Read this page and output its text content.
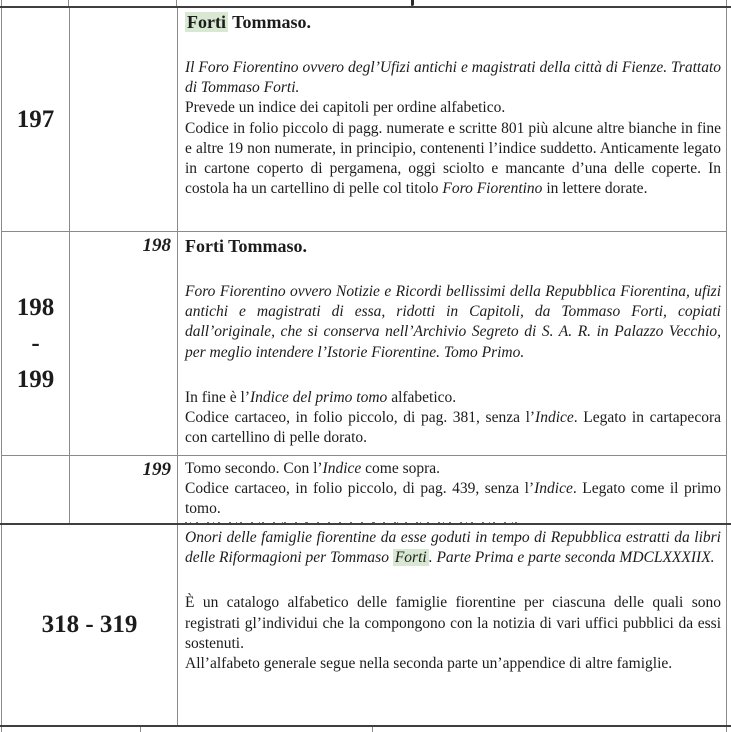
197

Forti Tommaso.

Il Foro Fiorentino ovvero degl’Ufizi antichi e magistrati della città di Fienze. Trattato di Tommaso Forti.

Prevede un indice dei capitoli per ordine alfabetico.

Codice in folio piccolo di pagg. numerate e scritte 801 più alcune altre bianche in fine e altre 19 non numerate, in principio, contenenti l’indice suddetto. Anticamente legato in cartone coperto di pergamena, oggi sciolto e mancante d’una delle coperte. In costola ha un cartellino di pelle col titolo Foro Fiorentino in lettere dorate.

198
-
199
198 Forti Tommaso.

Foro Fiorentino ovvero Notizie e Ricordi bellissimi della Repubblica Fiorentina, ufizi antichi e magistrati di essa, ridotti in Capitoli, da Tommaso Forti, copiati dall’originale, che si conserva nell’Archivio Segreto di S. A. R. in Palazzo Vecchio, per meglio intendere l’Istorie Fiorentine. Tomo Primo.

In fine è l’Indice del primo tomo alfabetico.

Codice cartaceo, in folio piccolo, di pag. 381, senza l’Indice. Legato in cartapecora con cartellino di pelle dorato.

199 Tomo secondo. Con l’Indice come sopra.

Codice cartaceo, in folio piccolo, di pag. 439, senza l’Indice. Legato come il primo tomo.

318 - 319

Onori delle famiglie fiorentine da esse goduti in tempo di Repubblica estratti da libri delle Riformagioni per Tommaso Forti . Parte Prima e parte seconda MDCLXXXIIX.

È un catalogo alfabetico delle famiglie fiorentine per ciascuna delle quali sono registrati gl’individui che la compongono con la notizia di vari uffici pubblici da essi sostenuti.

All’alfabeto generale segue nella seconda parte un’appendice di altre famiglie.
